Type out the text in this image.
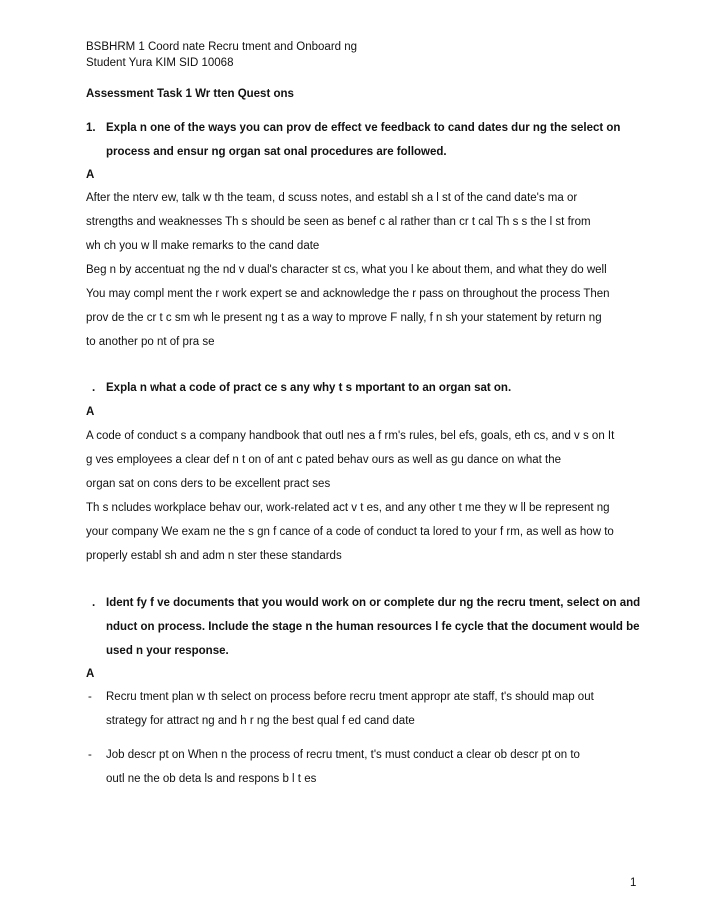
BSBHRM 1 Coord nate Recru tment and Onboard ng
Student Yura KIM SID 10068
Assessment Task 1 Wr tten Quest ons
1. Expla n one of the ways you can prov de effect ve feedback to cand dates dur ng the select on
process and ensur ng organ sat onal procedures are followed.
A
After the nterv ew, talk w th the team, d scuss notes, and establ sh a l st of the cand date's ma or
strengths and weaknesses Th s should be seen as benef c al rather than cr t cal Th s s the l st from
wh ch you w ll make remarks to the cand date
Beg n by accentuat ng the nd v dual's character st cs, what you l ke about them, and what they do well
You may compl ment the r work expert se and acknowledge the r pass on throughout the process Then
prov de the cr t c sm wh le present ng t as a way to mprove F nally, f n sh your statement by return ng
to another po nt of pra se
. Expla n what a code of pract ce s any why t s mportant to an organ sat on.
A
A code of conduct s a company handbook that outl nes a f rm's rules, bel efs, goals, eth cs, and v s on It
g ves employees a clear def n t on of ant c pated behav ours as well as gu dance on what the
organ sat on cons ders to be excellent pract ses
Th s ncludes workplace behav our, work-related act v t es, and any other t me they w ll be represent ng
your company We exam ne the s gn f cance of a code of conduct ta lored to your f rm, as well as how to
properly establ sh and adm n ster these standards
. Ident fy f ve documents that you would work on or complete dur ng the recru tment, select on and
nduct on process. Include the stage n the human resources l fe cycle that the document would be
used n your response.
A
- Recru tment plan w th select on process before recru tment appropr ate staff, t's should map out
strategy for attract ng and h r ng the best qual f ed cand date
- Job descr pt on When n the process of recru tment, t's must conduct a clear ob descr pt on to
outl ne the ob deta ls and respons b l t es
1
